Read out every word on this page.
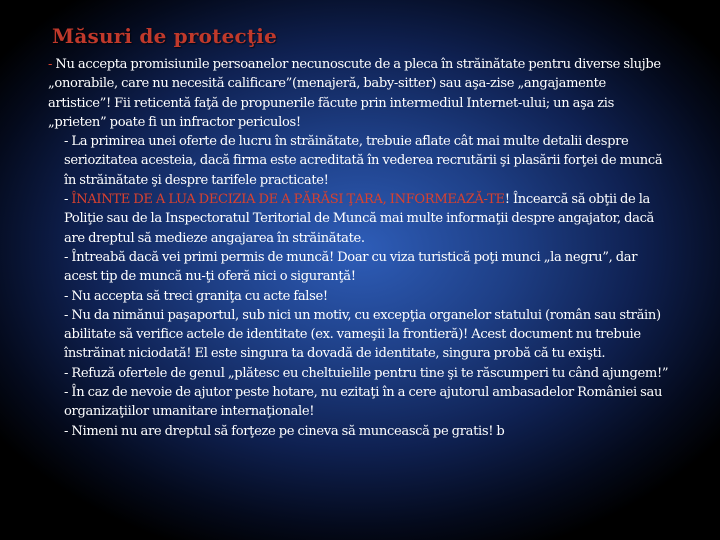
Măsuri de protecţie

- Nu accepta promisiunile persoanelor necunoscute de a pleca în străinătate pentru diverse slujbe „onorabile, care nu necesită calificare”(menajeră, baby-sitter) sau aşa-zise „angajamente artistice”! Fii reticentă faţă de propunerile făcute prin intermediul Internet-ului; un aşa zis „prieten” poate fi un infractor periculos!

- La primirea unei oferte de lucru în străinătate, trebuie aflate cât mai multe detalii despre seriozitatea acesteia, dacă firma este acreditată în vederea recrutării şi plasării forţei de muncă în străinătate şi despre tarifele practicate!

- ÎNAINTE DE A LUA DECIZIA DE A PĂRĂSI ŢARA, INFORMEAZĂ-TE! Încearcă să obţii de la Poliţie sau de la Inspectoratul Teritorial de Muncă mai multe informaţii despre angajator, dacă are dreptul să medieze angajarea în străinătate.

- Întreabă dacă vei primi permis de muncă! Doar cu viza turistică poţi munci „la negru”, dar acest tip de muncă nu-ţi oferă nici o siguranţă!

- Nu accepta să treci graniţa cu acte false!

- Nu da nimănui paşaportul, sub nici un motiv, cu excepţia organelor statului (român sau străin) abilitate să verifice actele de identitate (ex. vameşii la frontieră)! Acest document nu trebuie înstrăinat niciodată! El este singura ta dovadă de identitate, singura probă că tu exişti.

- Refuză ofertele de genul „plătesc eu cheltuielile pentru tine şi te răscumperi tu când ajungem!”

- În caz de nevoie de ajutor peste hotare, nu ezitaţi în a cere ajutorul ambasadelor României sau organizaţiilor umanitare internaţionale!

- Nimeni nu are dreptul să forţeze pe cineva să muncească pe gratis! b
